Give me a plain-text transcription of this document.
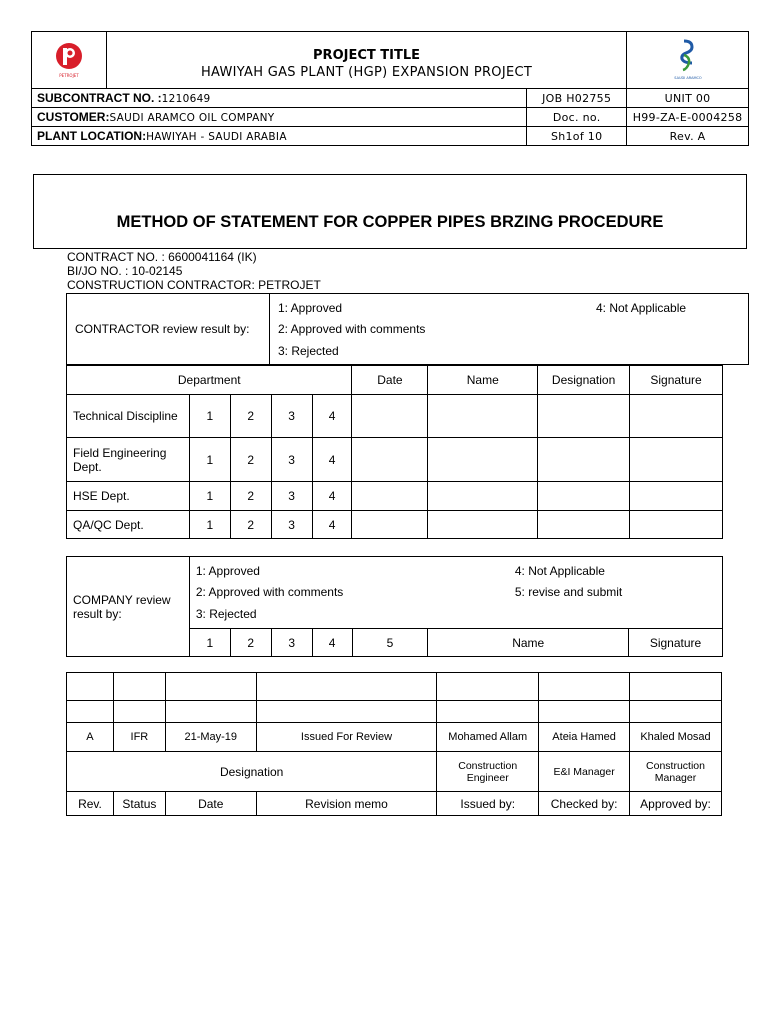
PETROJET	PROJECT TITLE
HAWIYAH GAS PLANT (HGP) EXPANSION PROJECT		SAUDI ARAMCO

SUBCONTRACT NO. :1210649		JOB H02755	UNIT 00
CUSTOMER:SAUDI ARAMCO OIL COMPANY		Doc. no.	H99-ZA-E-0004258
PLANT LOCATION:HAWIYAH - SAUDI ARABIA		Sh1of 10	Rev. A
METHOD OF STATEMENT FOR COPPER PIPES BRZING PROCEDURE
CONTRACT NO. : 6600041164 (IK)
BI/JO NO. : 10-02145
CONSTRUCTION CONTRACTOR: PETROJET
CONTRACTOR review result by:
1: Approved
2: Approved with comments
3: Rejected
4: Not Applicable
Department					Date	Name	Designation	Signature
Technical Discipline	1	2	3	4				
Field Engineering Dept.	1	2	3	4				
HSE Dept.	1	2	3	4				
QA/QC Dept.	1	2	3	4				
COMPANY review result by:	1: Approved
2: Approved with comments
3: Rejected
4: Not Applicable
5: revise and submit						

	1	2	3	4	5	Name	Signature

A	IFR	21-May-19	Issued For Review	Mohamed Allam	Ateia Hamed	Khaled Mosad
Designation				Construction Engineer	E&I Manager	Construction Manager
Rev.	Status	Date	Revision memo	Issued by:	Checked by:	Approved by:
